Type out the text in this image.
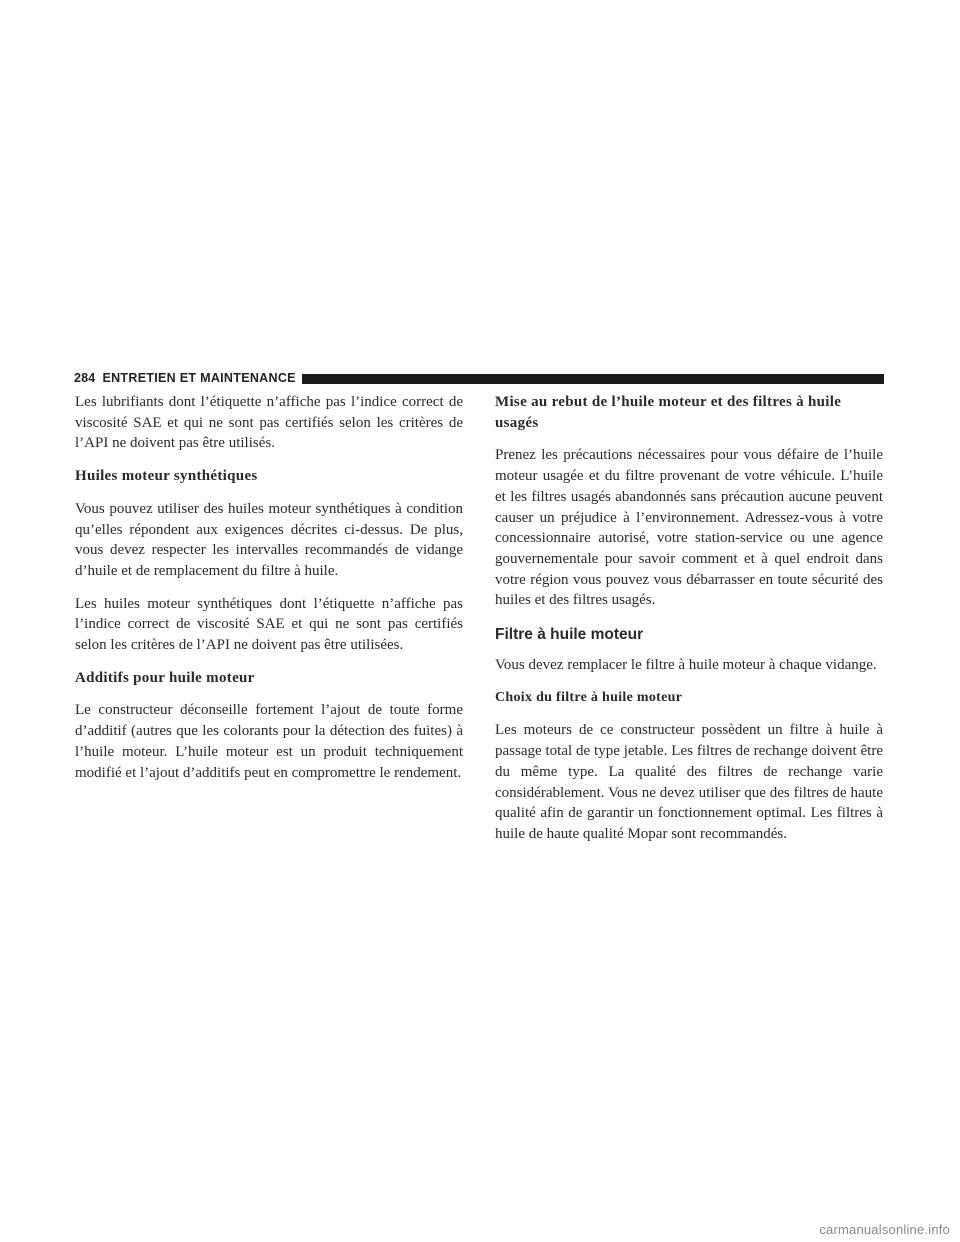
284 ENTRETIEN ET MAINTENANCE

Les lubrifiants dont l’étiquette n’affiche pas l’indice correct de viscosité SAE et qui ne sont pas certifiés selon les critères de l’API ne doivent pas être utilisés.

Huiles moteur synthétiques

Vous pouvez utiliser des huiles moteur synthétiques à condition qu’elles répondent aux exigences décrites ci-dessus. De plus, vous devez respecter les intervalles recommandés de vidange d’huile et de remplacement du filtre à huile.

Les huiles moteur synthétiques dont l’étiquette n’affiche pas l’indice correct de viscosité SAE et qui ne sont pas certifiés selon les critères de l’API ne doivent pas être utilisées.

Additifs pour huile moteur

Le constructeur déconseille fortement l’ajout de toute forme d’additif (autres que les colorants pour la détection des fuites) à l’huile moteur. L’huile moteur est un produit techniquement modifié et l’ajout d’additifs peut en compromettre le rendement.

Mise au rebut de l’huile moteur et des filtres à huile usagés

Prenez les précautions nécessaires pour vous défaire de l’huile moteur usagée et du filtre provenant de votre véhicule. L’huile et les filtres usagés abandonnés sans précaution aucune peuvent causer un préjudice à l’environnement. Adressez-vous à votre concessionnaire autorisé, votre station-service ou une agence gouvernementale pour savoir comment et à quel endroit dans votre région vous pouvez vous débarrasser en toute sécurité des huiles et des filtres usagés.

Filtre à huile moteur

Vous devez remplacer le filtre à huile moteur à chaque vidange.

Choix du filtre à huile moteur

Les moteurs de ce constructeur possèdent un filtre à huile à passage total de type jetable. Les filtres de rechange doivent être du même type. La qualité des filtres de rechange varie considérablement. Vous ne devez utiliser que des filtres de haute qualité afin de garantir un fonctionnement optimal. Les filtres à huile de haute qualité Mopar sont recommandés.

carmanualsonline.info
